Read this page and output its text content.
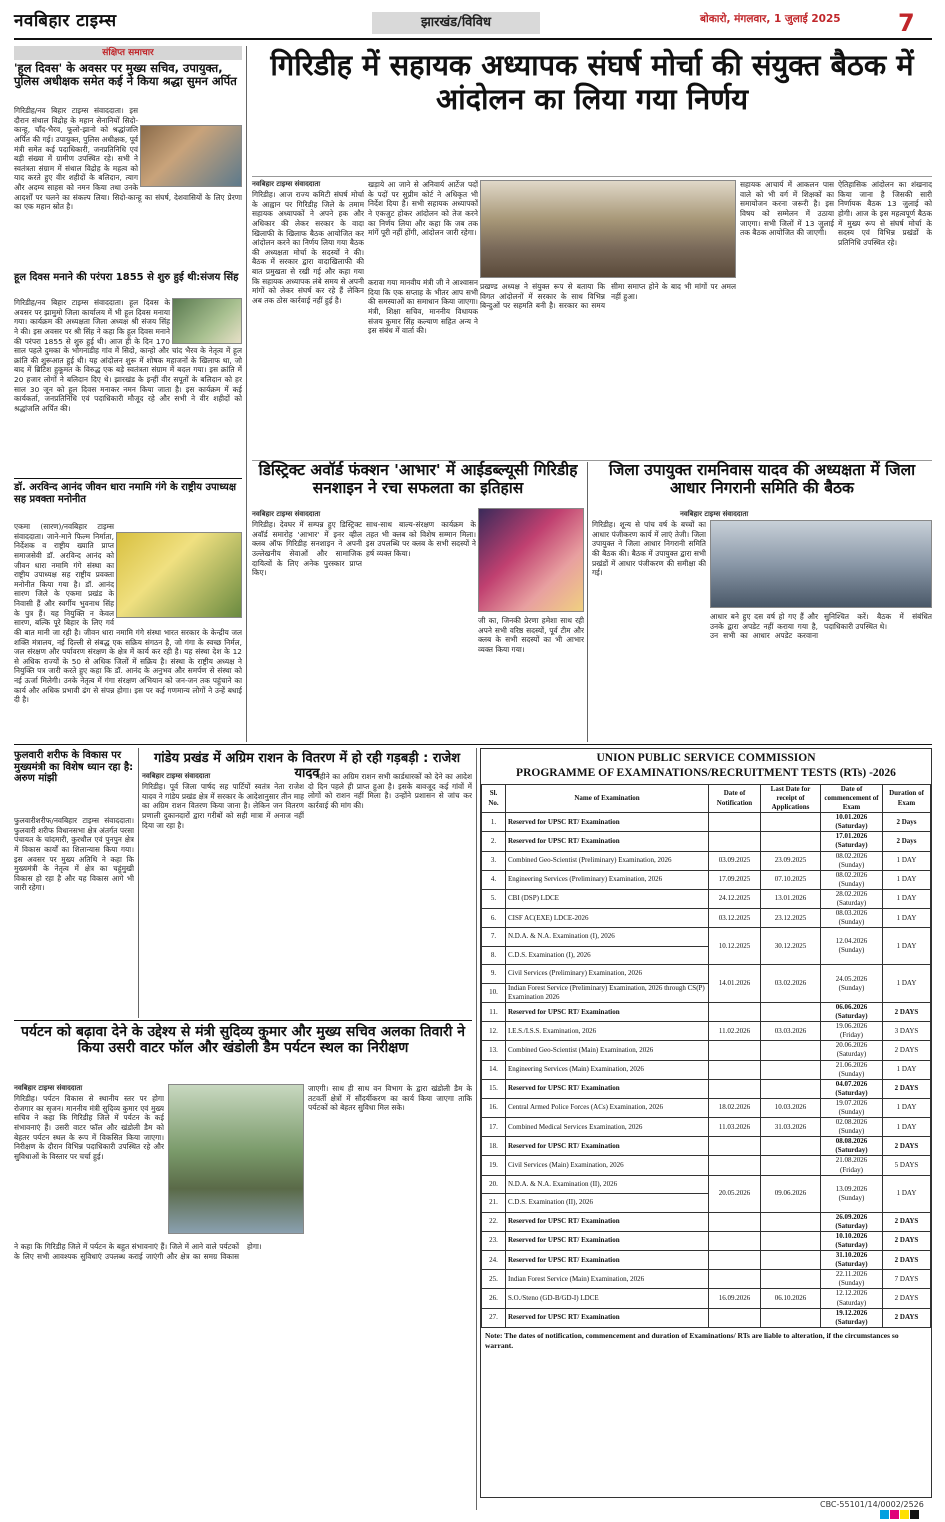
नवबिहार टाइम्स	झारखंड/विविध	बोकारो, मंगलवार, 1 जुलाई 2025 7
संक्षिप्त समाचार
'हूल दिवस' के अवसर पर मुख्य सचिव, उपायुक्त, पुलिस अधीक्षक समेत कई ने किया श्रद्धा सुमन अर्पित

गिरिडीह/नव बिहार टाइम्स संवाददाता। इस दौरान संथाल विद्रोह के महान सेनानियों सिदो-कान्हू, चाँद-भैरव, फूलो-झानो को श्रद्धांजलि अर्पित की गई। उपायुक्त, पुलिस अधीक्षक, पूर्व मंत्री समेत कई पदाधिकारी, जनप्रतिनिधि एवं बड़ी संख्या में ग्रामीण उपस्थित रहे। सभी ने स्वतंत्रता संग्राम में संथाल विद्रोह के महत्व को याद करते हुए वीर शहीदों के बलिदान, त्याग और अदम्य साहस को नमन किया तथा उनके आदर्शों पर चलने का संकल्प लिया। सिदो-कान्हू का संघर्ष, देशवासियों के लिए प्रेरणा का एक महान स्रोत है।

हूल दिवस मनाने की परंपरा 1855 से शुरु हुई थी:संजय सिंह

गिरिडीह/नव बिहार टाइम्स संवाददाता। हूल दिवस के अवसर पर झामुमो जिला कार्यालय में भी हूल दिवस मनाया गया। कार्यक्रम की अध्यक्षता जिला अध्यक्ष श्री संजय सिंह ने की। इस अवसर पर श्री सिंह ने कहा कि हूल दिवस मनाने की परंपरा 1855 से शुरु हुई थी। आज ही के दिन 170 साल पहले दुमका के भोगनाडीह गांव में सिदो, कान्हो और चांद भैरव के नेतृत्व में हूल क्रांति की शुरूआत हुई थी। यह आंदोलन शुरू में शोषक महाजनों के खिलाफ था, जो बाद में ब्रिटिश हुकूमत के विरुद्ध एक बड़े स्वतंत्रता संग्राम में बदल गया। इस क्रांति में 20 हजार लोगों ने बलिदान दिए थे। झारखंड के इन्हीं वीर सपूतों के बलिदान को हर साल 30 जून को हूल दिवस मनाकर नमन किया जाता है। इस कार्यक्रम में कई कार्यकर्ता, जनप्रतिनिधि एवं पदाधिकारी मौजूद रहे और सभी ने वीर शहीदों को श्रद्धांजलि अर्पित की।

डॉ. अरविन्द आनंद जीवन धारा नमामि गंगे के राष्ट्रीय उपाध्यक्ष सह प्रवक्ता मनोनीत

एकमा (सारण)/नवबिहार टाइम्स संवाददाता। जाने-माने फिल्म निर्माता, निर्देशक व राष्ट्रीय ख्याति प्राप्त समाजसेवी डॉ. अरविन्द आनंद को जीवन धारा नमामि गंगे संस्था का राष्ट्रीय उपाध्यक्ष सह राष्ट्रीय प्रवक्ता मनोनीत किया गया है। डॉ. आनंद सारण जिले के एकमा प्रखंड के निवासी हैं और स्वर्गीय भुवनाथ सिंह के पुत्र हैं। यह नियुक्ति न केवल सारण, बल्कि पूरे बिहार के लिए गर्व की बात मानी जा रही है। जीवन धारा नमामि गंगे संस्था भारत सरकार के केन्द्रीय जल शक्ति मंत्रालय, नई दिल्ली से संबद्ध एक सक्रिय संगठन है, जो गंगा के स्वच्छ निर्मल, जल संरक्षण और पर्यावरण संरक्षण के क्षेत्र में कार्य कर रही है। यह संस्था देश के 12 से अधिक राज्यों के 50 से अधिक जिलों में सक्रिय है। संस्था के राष्ट्रीय अध्यक्ष ने नियुक्ति पत्र जारी करते हुए कहा कि डॉ. आनंद के अनुभव और समर्पण से संस्था को नई ऊर्जा मिलेगी। उनके नेतृत्व में गंगा संरक्षण अभियान को जन-जन तक पहुंचाने का कार्य और अधिक प्रभावी ढंग से संपन्न होगा। इस पर कई गणमान्य लोगों ने उन्हें बधाई दी है।

गिरिडीह में सहायक अध्यापक संघर्ष मोर्चा की संयुक्त बैठक में आंदोलन का लिया गया निर्णय
नवबिहार टाइम्स संवाददाता
गिरिडीह। आज राज्य कमिटी संघर्ष मोर्चा के आह्वान पर गिरिडीह जिले के तमाम सहायक अध्यापकों ने अपने हक और अधिकार की लेकर सरकार के वादा खिलाफी के खिलाफ बैठक आयोजित कर आंदोलन करने का निर्णय लिया गया बैठक की अध्यक्षता मोर्चा के सदस्यों ने की। बैठक में सरकार द्वारा वादाखिलाफी की बात प्रमुखता से रखी गई और कहा गया कि सहायक अध्यापक लंबे समय से अपनी मांगों को लेकर संघर्ष कर रहे हैं लेकिन अब तक ठोस कार्रवाई नहीं हुई है।
खड़ाये आ जाने से अनिवार्य आर्टेज पदों के पदों पर सुप्रीम कोर्ट ने अधिकृत भी निर्देश दिया है। सभी सहायक अध्यापकों ने एकजुट होकर आंदोलन को तेज करने का निर्णय लिया और कहा कि जब तक मांगें पूरी नहीं होंगी, आंदोलन जारी रहेगा।
प्रखण्ड अध्यक्ष ने संयुक्त रूप से बताया कि विगत आंदोलनों में सरकार के साथ विभिन्न बिन्दुओं पर सहमति बनी है। सरकार का समय सीमा समाप्त होने के बाद भी मांगों पर अमल नहीं हुआ।
सहायक आचार्य में आकलन पास वाले को भी वर्ग में शिक्षकों का समायोजन करना जरूरी है। इस विषय को सम्मेलन में उठाया जाएगा। सभी जिलों में 13 जुलाई तक बैठक आयोजित की जाएगी।
ऐतिहासिक आंदोलन का शंखनाद किया जाना है जिसकी सारी निर्णायक बैठक 13 जुलाई को होगी। आज के इस महत्वपूर्ण बैठक में मुख्य रूप से संघर्ष मोर्चा के सदस्य एवं विभिन्न प्रखंडों के प्रतिनिधि उपस्थित रहे।
करावा गया मानवीय मंत्री जी ने आश्वासन दिया कि एक सप्ताह के भीतर आप सभी की समस्याओं का समाधान किया जाएगा। मंत्री, शिक्षा सचिव, माननीय विधायक संजय कुमार सिंह कल्याण सहित अन्य ने इस संबंध में वार्ता की।
डिस्ट्रिक्ट अवॉर्ड फंक्शन 'आभार' में आईडब्ल्यूसी गिरिडीह सनशाइन ने रचा सफलता का इतिहास
नवबिहार टाइम्स संवाददाता
गिरिडीह। देवघर में सम्पन्न हुए डिस्ट्रिक्ट अवॉर्ड समारोह 'आभार' में इनर व्हील क्लब ऑफ गिरिडीह सनशाइन ने अपनी उल्लेखनीय सेवाओं और सामाजिक दायित्वों के लिए अनेक पुरस्कार प्राप्त किए।
साथ-साथ बाल्य-संरक्षण कार्यक्रम के तहत भी क्लब को विशेष सम्मान मिला। इस उपलब्धि पर क्लब के सभी सदस्यों ने हर्ष व्यक्त किया।
जी का, जिनकी प्रेरणा हमेशा साथ रही अपने सभी वरिष्ठ सदस्यों, पूर्व टीम और क्लब के सभी सदस्यों का भी आभार व्यक्त किया गया।
जिला उपायुक्त रामनिवास यादव की अध्यक्षता में जिला आधार निगरानी समिति की बैठक
नवबिहार टाइम्स संवाददाता
गिरिडीह। शून्य से पांच वर्ष के बच्चों का आधार पंजीकरण कार्य में लाएं तेजी। जिला उपायुक्त ने जिला आधार निगरानी समिति की बैठक की। बैठक में उपायुक्त द्वारा सभी प्रखंडों में आधार पंजीकरण की समीक्षा की गई।
आधार बने हुए दस वर्ष हो गए हैं और उनके द्वारा अपडेट नहीं कराया गया है, उन सभी का आधार अपडेट करवाना सुनिश्चित करें। बैठक में संबंधित पदाधिकारी उपस्थित थे।
फुलवारी शरीफ के विकास पर मुख्यमंत्री का विशेष ध्यान रहा है: अरुण मांझी
फुलवारीशरीफ/नवबिहार टाइम्स संवाददाता। फुलवारी शरीफ विधानसभा क्षेत्र अंतर्गत परसा पंचायत के चांदमारी, कुरथौल एवं पुनपुन क्षेत्र में विकास कार्यों का शिलान्यास किया गया। इस अवसर पर मुख्य अतिथि ने कहा कि मुख्यमंत्री के नेतृत्व में क्षेत्र का चहुंमुखी विकास हो रहा है और यह विकास आगे भी जारी रहेगा।
गांडेय प्रखंड में अग्रिम राशन के वितरण में हो रही गड़बड़ी : राजेश यादव
नवबिहार टाइम्स संवाददाता
गिरिडीह। पूर्व जिला पार्षद सह पार्टियों स्वतंत्र नेता राजेश यादव ने गांडेय प्रखंड क्षेत्र में सरकार के आदेशानुसार तीन माह का अग्रिम राशन वितरण किया जाना है। लेकिन जन वितरण प्रणाली दुकानदारों द्वारा गरीबों को सही मात्रा में अनाज नहीं दिया जा रहा है।
3 महीने का अग्रिम राशन सभी कार्डधारकों को देने का आदेश दो दिन पहले ही प्राप्त हुआ है। इसके बावजूद कई गांवों में लोगों को राशन नहीं मिला है। उन्होंने प्रशासन से जांच कर कार्रवाई की मांग की।
पर्यटन को बढ़ावा देने के उद्देश्य से मंत्री सुदिव्य कुमार और मुख्य सचिव अलका तिवारी ने किया उसरी वाटर फॉल और खंडोली डैम पर्यटन स्थल का निरीक्षण
नवबिहार टाइम्स संवाददाता
गिरिडीह। पर्यटन विकास से स्थानीय स्तर पर होगा रोजगार का सृजन। माननीय मंत्री सुदिव्य कुमार एवं मुख्य सचिव ने कहा कि गिरिडीह जिले में पर्यटन के कई संभावनाएं हैं। उसरी वाटर फॉल और खंडोली डैम को बेहतर पर्यटन स्थल के रूप में विकसित किया जाएगा। निरीक्षण के दौरान विभिन्न पदाधिकारी उपस्थित रहे और सुविधाओं के विस्तार पर चर्चा हुई।
जाएगी। साथ ही साथ वन विभाग के द्वारा खंडोली डैम के तटवर्ती क्षेत्रों में सौंदर्यीकरण का कार्य किया जाएगा ताकि पर्यटकों को बेहतर सुविधा मिल सके।
ने कहा कि गिरिडीह जिले में पर्यटन के बहुत संभावनाएं हैं। जिले में आने वाले पर्यटकों के लिए सभी आवश्यक सुविधाएं उपलब्ध कराई जाएंगी और क्षेत्र का समग्र विकास होगा।
UNION PUBLIC SERVICE COMMISSION
PROGRAMME OF EXAMINATIONS/RECRUITMENT TESTS (RTs) -2026
Sl. No.	Name of Examination	Date of Notification	Last Date for receipt of Applications	Date of commencement of Exam	Duration of Exam
1.	Reserved for UPSC RT/ Examination			10.01.2026
(Saturday)	2 Days
2.	Reserved for UPSC RT/ Examination			17.01.2026
(Saturday)	2 Days
3.	Combined Geo-Scientist (Preliminary) Examination, 2026	03.09.2025	23.09.2025	08.02.2026
(Sunday)	1 DAY
4.	Engineering Services (Preliminary) Examination, 2026	17.09.2025	07.10.2025	08.02.2026
(Sunday)	1 DAY
5.	CBI (DSP) LDCE	24.12.2025	13.01.2026	28.02.2026
(Saturday)	1 DAY
6.	CISF AC(EXE) LDCE-2026	03.12.2025	23.12.2025	08.03.2026
(Sunday)	1 DAY
7.	N.D.A. & N.A. Examination (I), 2026	10.12.2025	30.12.2025	12.04.2026
(Sunday)	1 DAY
8.	C.D.S. Examination (I), 2026				
9.	Civil Services (Preliminary) Examination, 2026	14.01.2026	03.02.2026	24.05.2026
(Sunday)	1 DAY
10.	Indian Forest Service (Preliminary) Examination, 2026 through CS(P) Examination 2026				
11.	Reserved for UPSC RT/ Examination			06.06.2026
(Saturday)	2 DAYS
12.	I.E.S./I.S.S. Examination, 2026	11.02.2026	03.03.2026	19.06.2026
(Friday)	3 DAYS
13.	Combined Geo-Scientist (Main) Examination, 2026			20.06.2026
(Saturday)	2 DAYS
14.	Engineering Services (Main) Examination, 2026			21.06.2026
(Sunday)	1 DAY
15.	Reserved for UPSC RT/ Examination			04.07.2026
(Saturday)	2 DAYS
16.	Central Armed Police Forces (ACs) Examination, 2026	18.02.2026	10.03.2026	19.07.2026
(Sunday)	1 DAY
17.	Combined Medical Services Examination, 2026	11.03.2026	31.03.2026	02.08.2026
(Sunday)	1 DAY
18.	Reserved for UPSC RT/ Examination			08.08.2026
(Saturday)	2 DAYS
19.	Civil Services (Main) Examination, 2026			21.08.2026
(Friday)	5 DAYS
20.	N.D.A. & N.A. Examination (II), 2026	20.05.2026	09.06.2026	13.09.2026
(Sunday)	1 DAY
21.	C.D.S. Examination (II), 2026				
22.	Reserved for UPSC RT/ Examination			26.09.2026
(Saturday)	2 DAYS
23.	Reserved for UPSC RT/ Examination			10.10.2026
(Saturday)	2 DAYS
24.	Reserved for UPSC RT/ Examination			31.10.2026
(Saturday)	2 DAYS
25.	Indian Forest Service (Main) Examination, 2026			22.11.2026
(Sunday)	7 DAYS
26.	S.O./Steno (GD-B/GD-I) LDCE	16.09.2026	06.10.2026	12.12.2026
(Saturday)	2 DAYS
27.	Reserved for UPSC RT/ Examination			19.12.2026
(Saturday)	2 DAYS
Note: The dates of notification, commencement and duration of Examinations/ RTs are liable to alteration, if the circumstances so warrant.
CBC-55101/14/0002/2526
